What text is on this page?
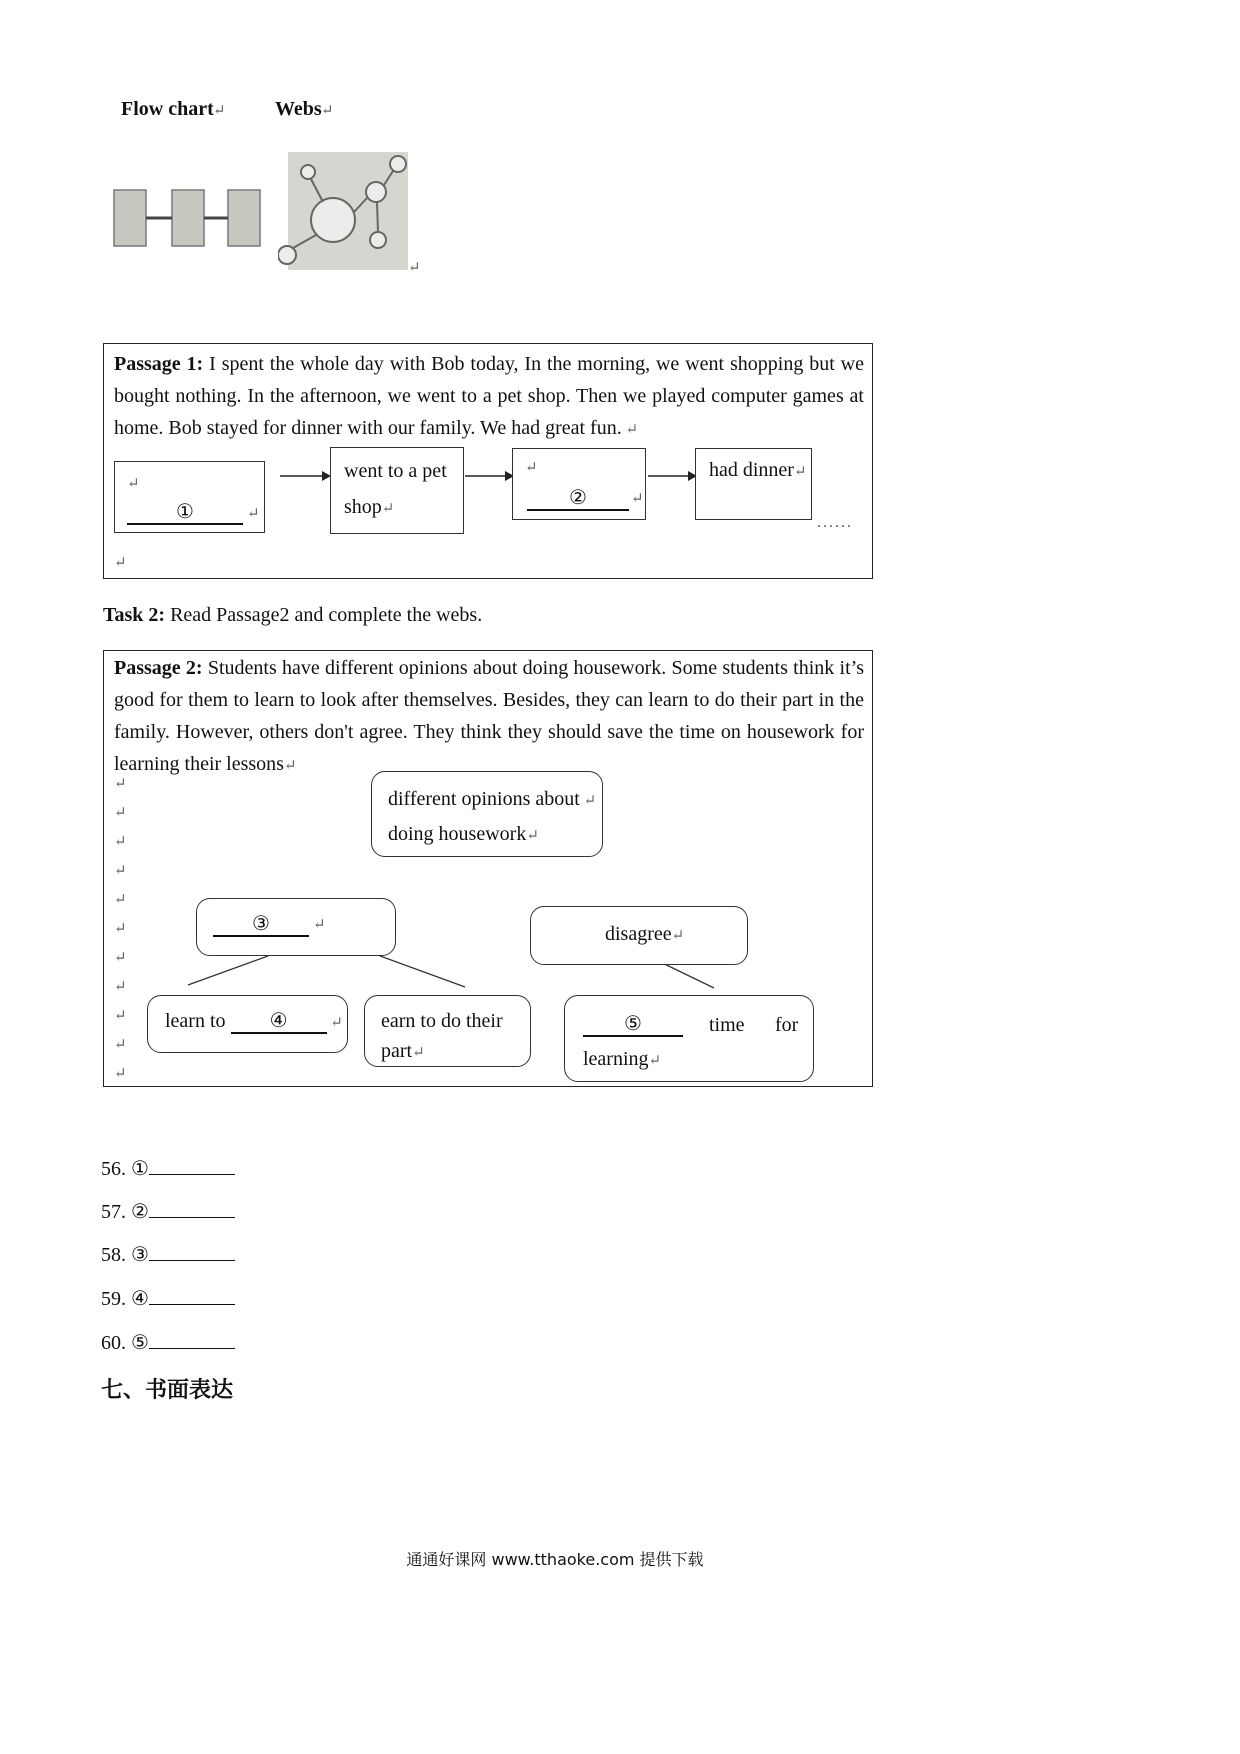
Flow chart	Webs
↵	↵
↵
Passage 1: I spent the whole day with Bob today, In the morning, we went shopping but we bought nothing. In the afternoon, we went to a pet shop. Then we played computer games at home. Bob stayed for dinner with our family. We had great fun. ↵
↵
①	↵
went to a pet
shop↵
↵
②	↵
had dinner↵
......
↵
Task 2: Read Passage2 and complete the webs.
Passage 2: Students have different opinions about doing housework. Some students think it’s good for them to learn to look after themselves. Besides, they can learn to do their part in the family. However, others don't agree. They think they should save the time on housework for learning their lessons↵
↵
↵
↵
↵
↵
↵
↵
↵
↵
↵
↵
different opinions about ↵
doing housework↵
③	↵	disagree↵
learn to ④	↵ earn to do their
part↵
⑤	time for
learning↵
56. ①
57. ②
58. ③
59. ④
60. ⑤
七、书面表达
通通好课网 www.tthaoke.com 提供下载
